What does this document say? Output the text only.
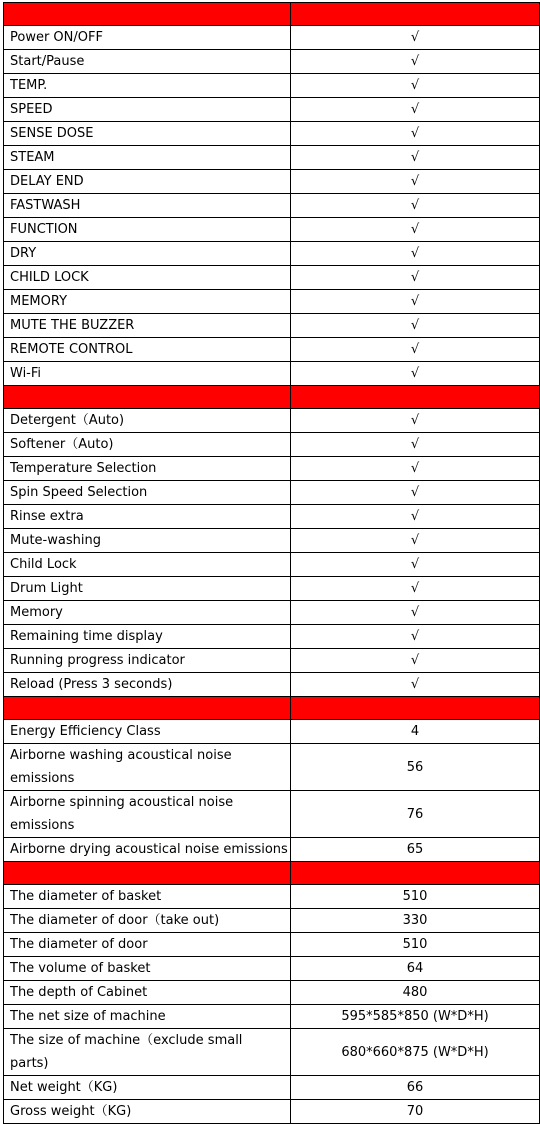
Power ON/OFF	√
Start/Pause	√
TEMP.	√
SPEED	√
SENSE DOSE	√
STEAM	√
DELAY END	√
FASTWASH	√
FUNCTION	√
DRY	√
CHILD LOCK	√
MEMORY	√
MUTE THE BUZZER	√
REMOTE CONTROL	√
Wi-Fi	√

Detergent（Auto)	√
Softener（Auto)	√
Temperature Selection	√
Spin Speed Selection	√
Rinse extra	√
Mute-washing	√
Child Lock	√
Drum Light	√
Memory	√
Remaining time display	√
Running progress indicator	√
Reload (Press 3 seconds)	√

Energy Efficiency Class	4
Airborne washing acoustical noise emissions	56
Airborne spinning acoustical noise emissions	76
Airborne drying acoustical noise emissions	65

The diameter of basket	510
The diameter of door（take out)	330
The diameter of door	510
The volume of basket	64
The depth of Cabinet	480
The net size of machine	595*585*850 (W*D*H)
The size of machine（exclude small parts)	680*660*875 (W*D*H)
Net weight（KG)	66
Gross weight（KG)	70
